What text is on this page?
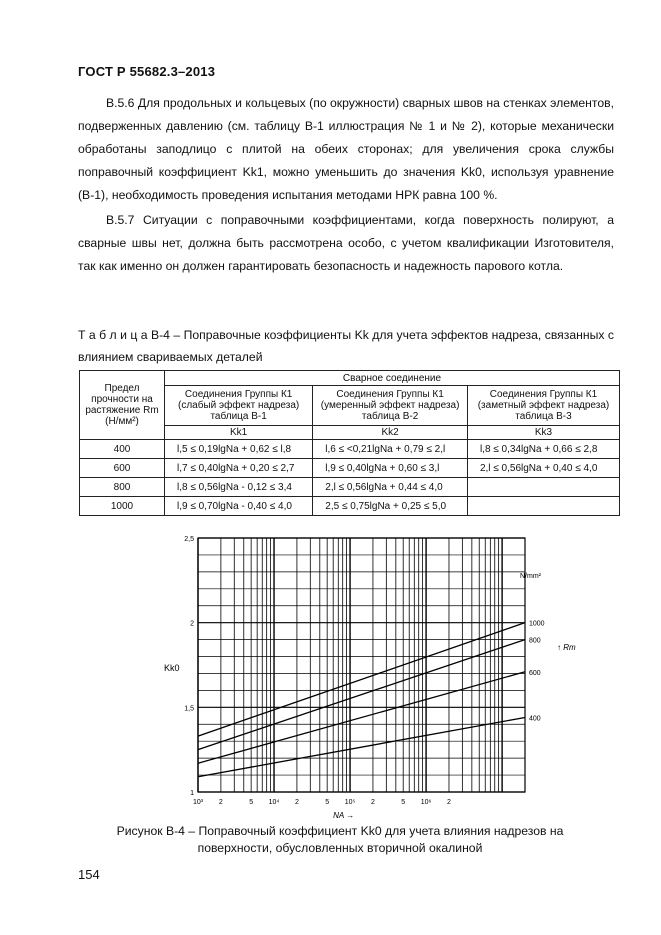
ГОСТ Р 55682.3–2013

В.5.6 Для продольных и кольцевых (по окружности) сварных швов на стенках элементов, подверженных давлению (см. таблицу В-1 иллюстрация № 1 и № 2), которые механически обработаны заподлицо с плитой на обеих сторонах; для увеличения срока службы поправочный коэффициент Kk1, можно уменьшить до значения Kk0, используя уравнение (В-1), необходимость проведения испытания методами НРК равна 100 %.

В.5.7 Ситуации с поправочными коэффициентами, когда поверхность полируют, а сварные швы нет, должна быть рассмотрена особо, с учетом квалификации Изготовителя, так как именно он должен гарантировать безопасность и надежность парового котла.

Т а б л и ц а В-4 – Поправочные коэффициенты Kk для учета эффектов надреза, связанных с влиянием свариваемых деталей
Предел прочности на растяжение Rm (Н/мм²)	Сварное соединение		
	Соединения Группы К1 (слабый эффект надреза) таблица В-1	Соединения Группы К1 (умеренный эффект надреза) таблица В-2	Соединения Группы К1 (заметный эффект надреза) таблица В-3
	Kk1	Kk2	Kk3
400	l,5 ≤ 0,19lgNa + 0,62 ≤ l,8	l,6 ≤ <0,21lgNa + 0,79 ≤ 2,l	l,8 ≤ 0,34lgNa + 0,66 ≤ 2,8
600	l,7 ≤ 0,40lgNa + 0,20 ≤ 2,7	l,9 ≤ 0,40lgNa + 0,60 ≤ 3,l	2,l ≤ 0,56lgNa + 0,40 ≤ 4,0
800	l,8 ≤ 0,56lgNa - 0,12 ≤ 3,4	2,l ≤ 0,56lgNa + 0,44 ≤ 4,0	
1000	l,9 ≤ 0,70lgNa - 0,40 ≤ 4,0	2,5 ≤ 0,75lgNa + 0,25 ≤ 5,0	
1000
800
600
400
1
1,5
2
2,5
10³ 2	5 10⁴ 2	5 10⁵ 2	5 10⁶ 2
Kk0
NA →
N/mm²
↑ Rm
Рисунок В-4 – Поправочный коэффициент Kk0 для учета влияния надрезов на
поверхности, обусловленных вторичной окалиной
154
